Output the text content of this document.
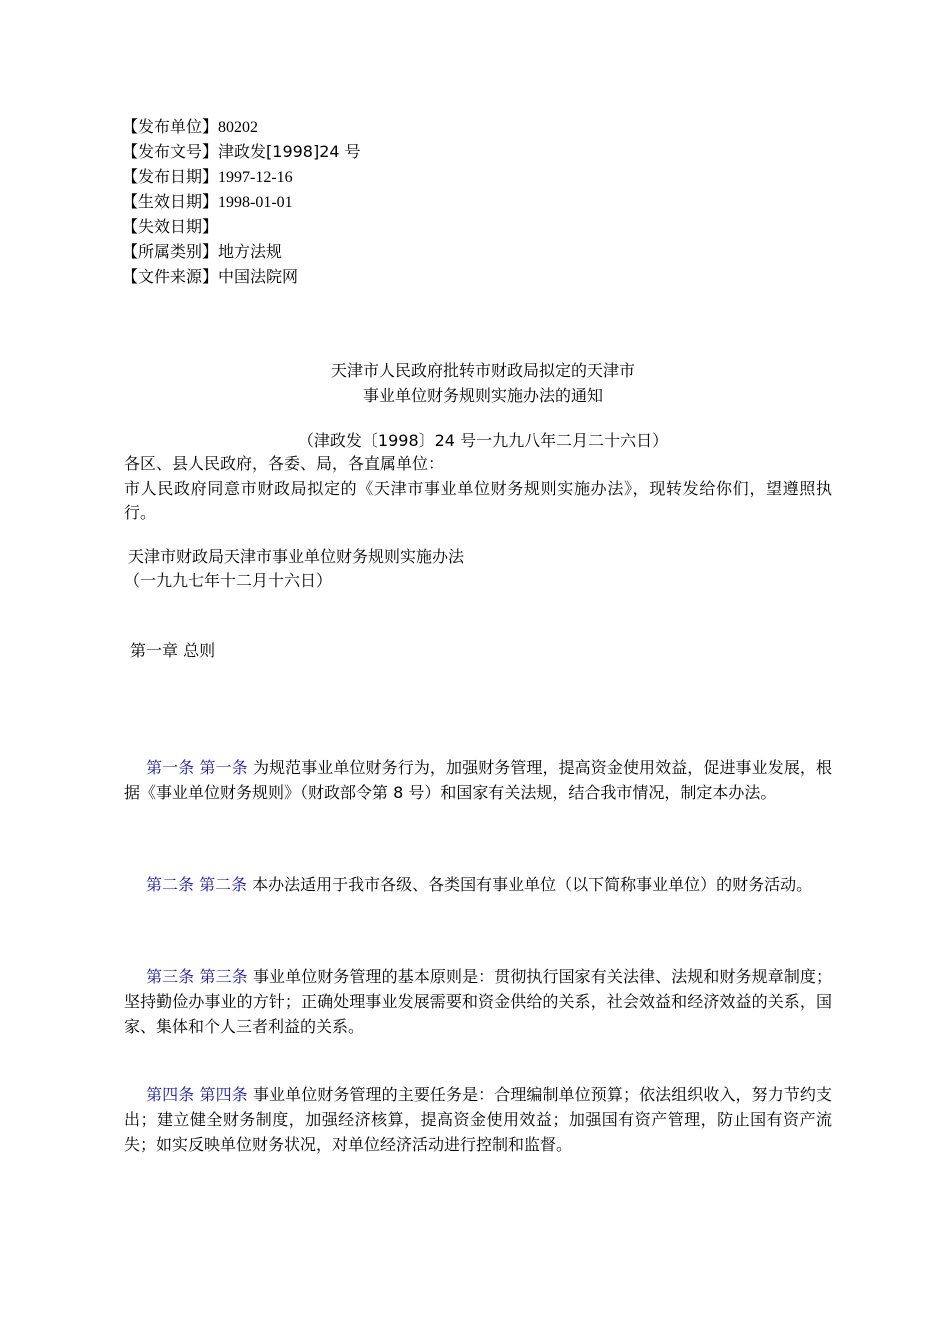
【发布单位】80202
【发布文号】津政发[1998]24 号
【发布日期】1997-12-16
【生效日期】1998-01-01
【失效日期】
【所属类别】地方法规
【文件来源】中国法院网
天津市人民政府批转市财政局拟定的天津市
事业单位财务规则实施办法的通知
（津政发〔1998〕24 号一九九八年二月二十六日）
各区、县人民政府，各委、局，各直属单位：
市人民政府同意市财政局拟定的《天津市事业单位财务规则实施办法》，现转发给你们，望遵照执行。
天津市财政局天津市事业单位财务规则实施办法
（一九九七年十二月十六日）
第一章 总则
第一条 第一条 为规范事业单位财务行为，加强财务管理，提高资金使用效益，促进事业发展，根据《事业单位财务规则》（财政部令第 8 号）和国家有关法规，结合我市情况，制定本办法。
第二条 第二条 本办法适用于我市各级、各类国有事业单位（以下简称事业单位）的财务活动。
第三条 第三条 事业单位财务管理的基本原则是：贯彻执行国家有关法律、法规和财务规章制度；坚持勤俭办事业的方针；正确处理事业发展需要和资金供给的关系，社会效益和经济效益的关系，国家、集体和个人三者利益的关系。
第四条 第四条 事业单位财务管理的主要任务是：合理编制单位预算；依法组织收入，努力节约支出；建立健全财务制度，加强经济核算，提高资金使用效益；加强国有资产管理，防止国有资产流失；如实反映单位财务状况，对单位经济活动进行控制和监督。
